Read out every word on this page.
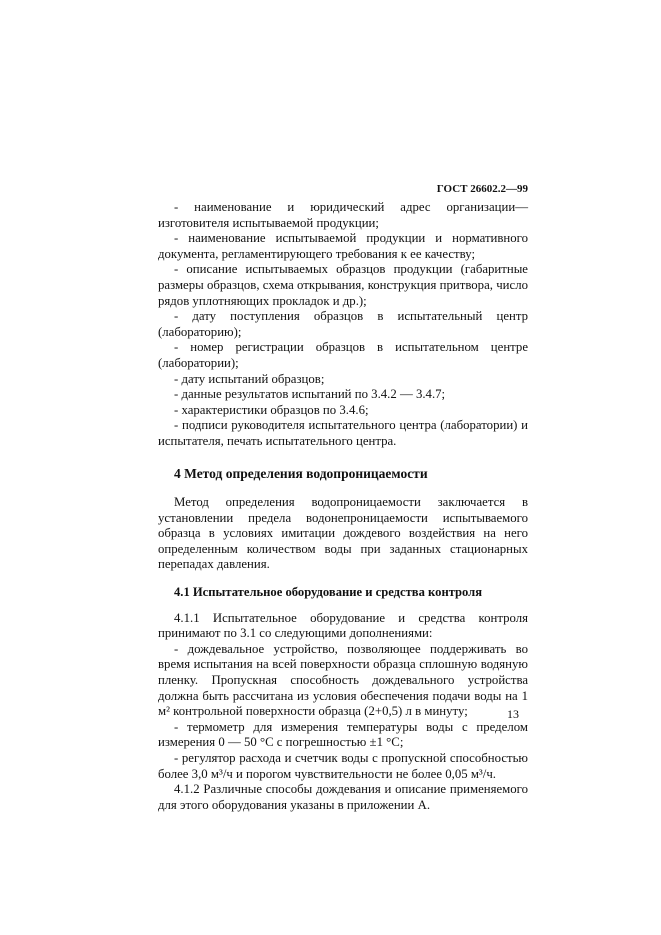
ГОСТ 26602.2—99

- наименование и юридический адрес организации—изготовителя испытываемой продукции;

- наименование испытываемой продукции и нормативного документа, регламентирующего требования к ее качеству;

- описание испытываемых образцов продукции (габаритные размеры образцов, схема открывания, конструкция притвора, число рядов уплотняющих прокладок и др.);

- дату поступления образцов в испытательный центр (лабораторию);

- номер регистрации образцов в испытательном центре (лаборатории);

- дату испытаний образцов;

- данные результатов испытаний по 3.4.2 — 3.4.7;

- характеристики образцов по 3.4.6;

- подписи руководителя испытательного центра (лаборатории) и испытателя, печать испытательного центра.

4 Метод определения водопроницаемости

Метод определения водопроницаемости заключается в установлении предела водонепроницаемости испытываемого образца в условиях имитации дождевого воздействия на него определенным количеством воды при заданных стационарных перепадах давления.

4.1 Испытательное оборудование и средства контроля

4.1.1 Испытательное оборудование и средства контроля принимают по 3.1 со следующими дополнениями:

- дождевальное устройство, позволяющее поддерживать во время испытания на всей поверхности образца сплошную водяную пленку. Пропускная способность дождевального устройства должна быть рассчитана из условия обеспечения подачи воды на 1 м² контрольной поверхности образца (2+0,5) л в минуту;

- термометр для измерения температуры воды с пределом измерения 0 — 50 °С с погрешностью ±1 °С;

- регулятор расхода и счетчик воды с пропускной способностью более 3,0 м³/ч и порогом чувствительности не более 0,05 м³/ч.

4.1.2 Различные способы дождевания и описание применяемого для этого оборудования указаны в приложении А.

13
